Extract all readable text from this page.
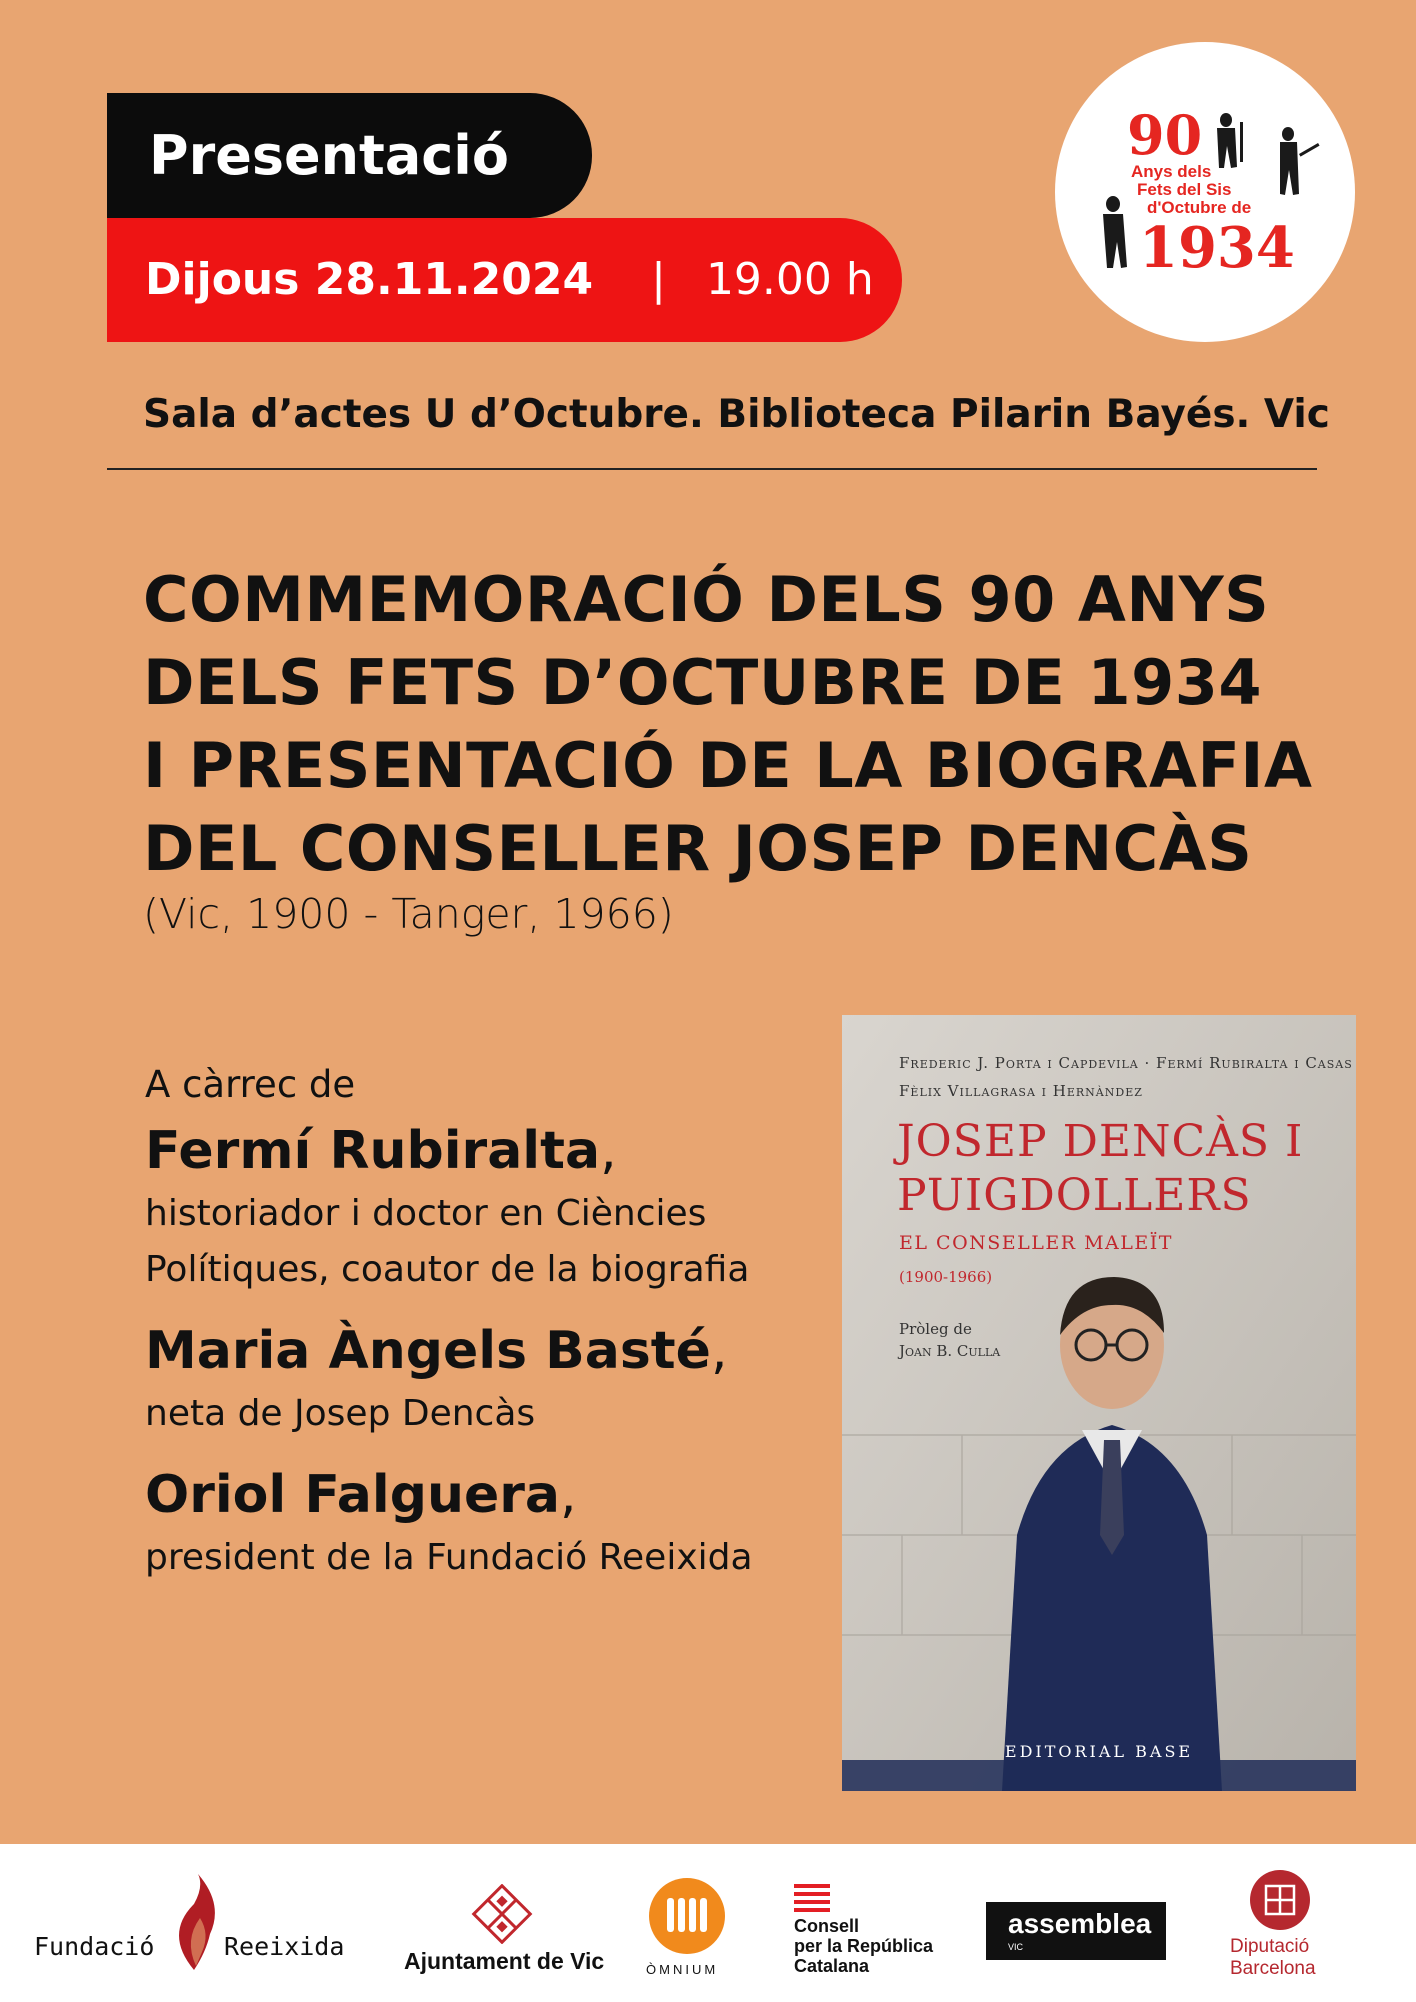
Presentació
Dijous 28.11.2024 | 19.00 h
90
Anys dels
Fets del Sis
d'Octubre de
1934
Sala d’actes U d’Octubre. Biblioteca Pilarin Bayés. Vic
COMMEMORACIÓ DELS 90 ANYS
DELS FETS D’OCTUBRE DE 1934
I PRESENTACIÓ DE LA BIOGRAFIA
DEL CONSELLER JOSEP DENCÀS
(Vic, 1900 - Tanger, 1966)
A càrrec de
Fermí Rubiralta,
historiador i doctor en Ciències
Polítiques, coautor de la biografia
Maria Àngels Basté,
neta de Josep Dencàs
Oriol Falguera,
president de la Fundació Reeixida
Frederic J. Porta i Capdevila · Fermí Rubiralta i Casas
Fèlix Villagrasa i Hernàndez
JOSEP DENCÀS I
PUIGDOLLERS
EL CONSELLER MALEÏT
(1900-1966)
Pròleg de
Joan B. Culla
EDITORIAL BASE
Fundació	Reeixida	Ajuntament de Vic	ÒMNIUM
Consell
per la República
Catalana
assemblea
VIC	Diputació
Barcelona
